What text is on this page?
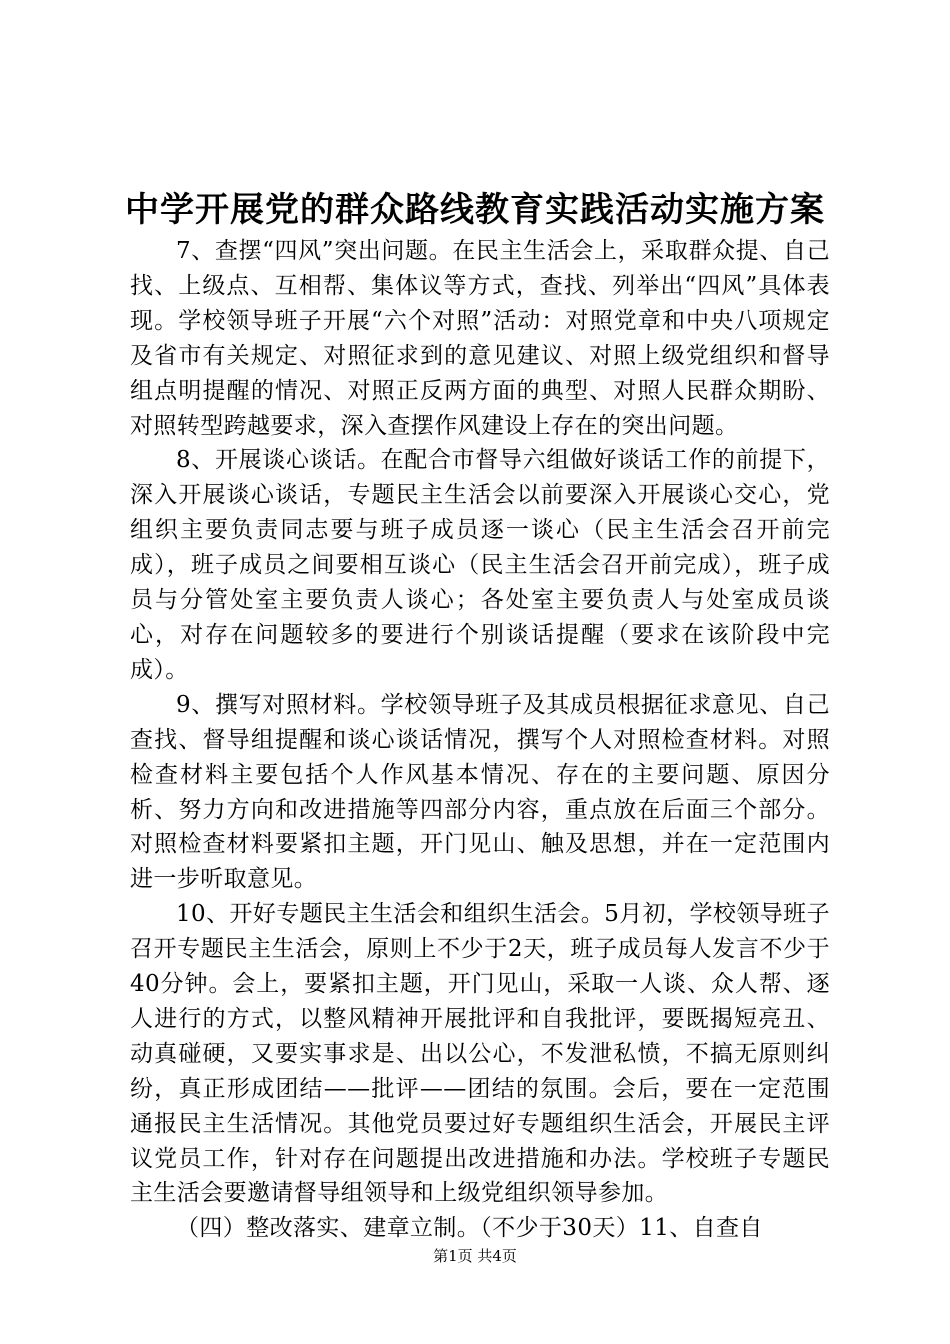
中学开展党的群众路线教育实践活动实施方案

7、查摆“四风”突出问题。在民主生活会上，采取群众提、自己找、上级点、互相帮、集体议等方式，查找、列举出“四风”具体表现。学校领导班子开展“六个对照”活动：对照党章和中央八项规定及省市有关规定、对照征求到的意见建议、对照上级党组织和督导组点明提醒的情况、对照正反两方面的典型、对照人民群众期盼、对照转型跨越要求，深入查摆作风建设上存在的突出问题。

8、开展谈心谈话。在配合市督导六组做好谈话工作的前提下，深入开展谈心谈话，专题民主生活会以前要深入开展谈心交心，党组织主要负责同志要与班子成员逐一谈心（民主生活会召开前完成），班子成员之间要相互谈心（民主生活会召开前完成），班子成员与分管处室主要负责人谈心；各处室主要负责人与处室成员谈心，对存在问题较多的要进行个别谈话提醒（要求在该阶段中完成）。

9、撰写对照材料。学校领导班子及其成员根据征求意见、自己查找、督导组提醒和谈心谈话情况，撰写个人对照检查材料。对照检查材料主要包括个人作风基本情况、存在的主要问题、原因分析、努力方向和改进措施等四部分内容，重点放在后面三个部分。对照检查材料要紧扣主题，开门见山、触及思想，并在一定范围内进一步听取意见。

10、开好专题民主生活会和组织生活会。5月初，学校领导班子召开专题民主生活会，原则上不少于2天，班子成员每人发言不少于40分钟。会上，要紧扣主题，开门见山，采取一人谈、众人帮、逐人进行的方式，以整风精神开展批评和自我批评，要既揭短亮丑、动真碰硬，又要实事求是、出以公心，不发泄私愤，不搞无原则纠纷，真正形成团结——批评——团结的氛围。会后，要在一定范围通报民主生活情况。其他党员要过好专题组织生活会，开展民主评议党员工作，针对存在问题提出改进措施和办法。学校班子专题民主生活会要邀请督导组领导和上级党组织领导参加。

（四）整改落实、建章立制。（不少于30天）11、自查自

第1页 共4页
